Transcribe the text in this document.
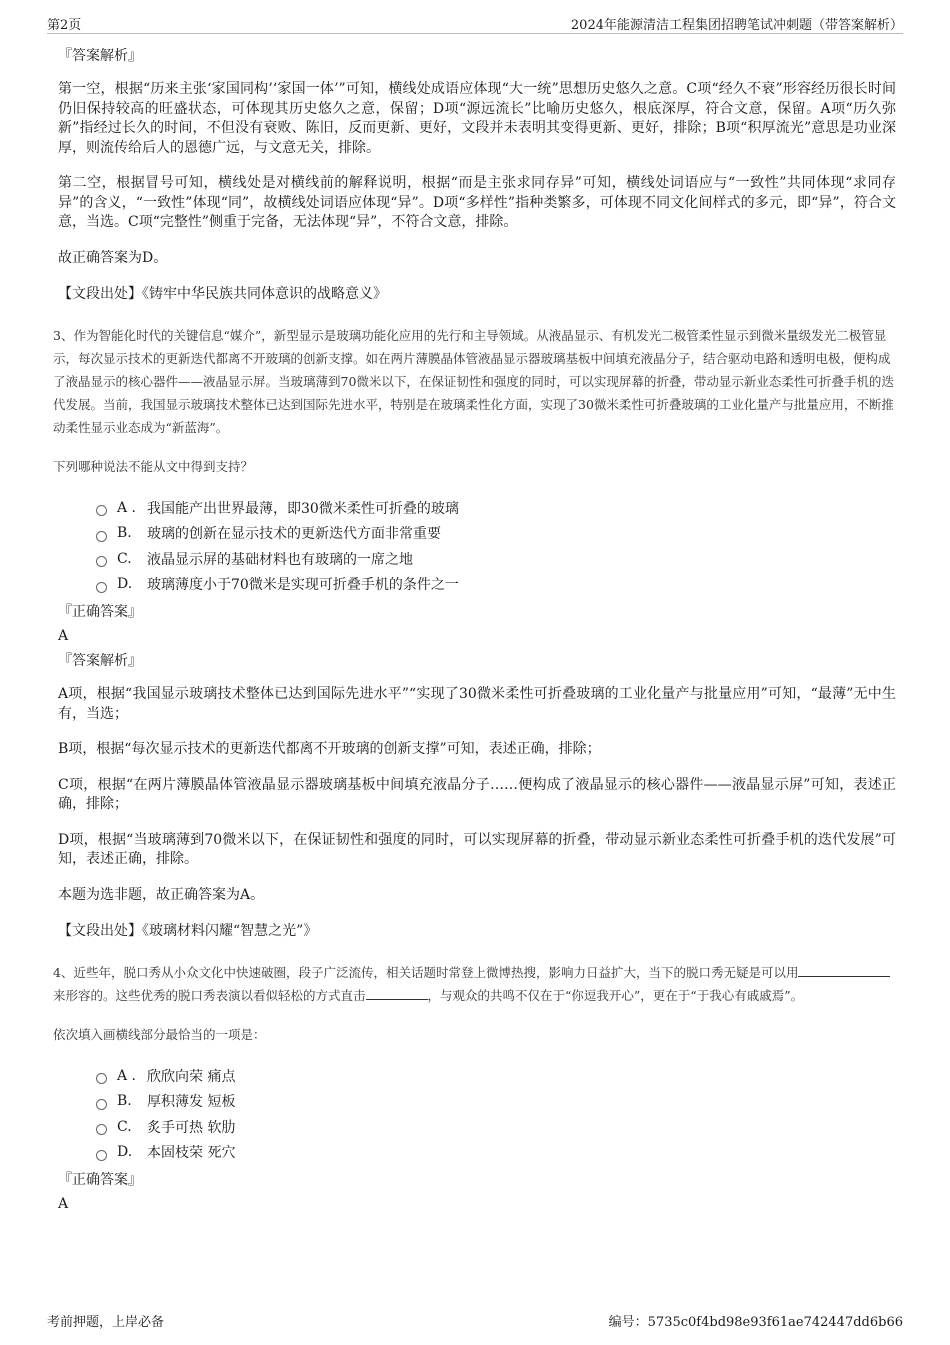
第2页	2024年能源清洁工程集团招聘笔试冲刺题（带答案解析）
『答案解析』

第一空，根据“历来主张‘家国同构’‘家国一体’”可知，横线处成语应体现“大一统”思想历史悠久之意。C项“经久不衰”形容经历很长时间仍旧保持较高的旺盛状态，可体现其历史悠久之意，保留；D项“源远流长”比喻历史悠久，根底深厚，符合文意，保留。A项“历久弥新”指经过长久的时间，不但没有衰败、陈旧，反而更新、更好，文段并未表明其变得更新、更好，排除；B项“积厚流光”意思是功业深厚，则流传给后人的恩德广远，与文意无关，排除。

第二空，根据冒号可知，横线处是对横线前的解释说明，根据“而是主张求同存异”可知，横线处词语应与“一致性”共同体现“求同存异”的含义，“一致性”体现“同”，故横线处词语应体现“异”。D项“多样性”指种类繁多，可体现不同文化间样式的多元，即“异”，符合文意，当选。C项“完整性”侧重于完备，无法体现“异”，不符合文意，排除。

故正确答案为D。

【文段出处】《铸牢中华民族共同体意识的战略意义》

3、作为智能化时代的关键信息“媒介”，新型显示是玻璃功能化应用的先行和主导领域。从液晶显示、有机发光二极管柔性显示到微米量级发光二极管显示，每次显示技术的更新迭代都离不开玻璃的创新支撑。如在两片薄膜晶体管液晶显示器玻璃基板中间填充液晶分子，结合驱动电路和透明电极，便构成了液晶显示的核心器件——液晶显示屏。当玻璃薄到70微米以下，在保证韧性和强度的同时，可以实现屏幕的折叠，带动显示新业态柔性可折叠手机的迭代发展。当前，我国显示玻璃技术整体已达到国际先进水平，特别是在玻璃柔性化方面，实现了30微米柔性可折叠玻璃的工业化量产与批量应用，不断推动柔性显示业态成为“新蓝海”。

下列哪种说法不能从文中得到支持？

A . 我国能产出世界最薄，即30微米柔性可折叠的玻璃
B.	玻璃的创新在显示技术的更新迭代方面非常重要
C.	液晶显示屏的基础材料也有玻璃的一席之地
D.	玻璃薄度小于70微米是实现可折叠手机的条件之一
『正确答案』
A
『答案解析』

A项，根据“我国显示玻璃技术整体已达到国际先进水平”“实现了30微米柔性可折叠玻璃的工业化量产与批量应用”可知，“最薄”无中生有，当选；

B项，根据“每次显示技术的更新迭代都离不开玻璃的创新支撑”可知，表述正确，排除；

C项，根据“在两片薄膜晶体管液晶显示器玻璃基板中间填充液晶分子……便构成了液晶显示的核心器件——液晶显示屏”可知，表述正确，排除；

D项，根据“当玻璃薄到70微米以下，在保证韧性和强度的同时，可以实现屏幕的折叠，带动显示新业态柔性可折叠手机的迭代发展”可知，表述正确，排除。

本题为选非题，故正确答案为A。

【文段出处】《玻璃材料闪耀“智慧之光”》

4、近些年，脱口秀从小众文化中快速破圈，段子广泛流传，相关话题时常登上微博热搜，影响力日益扩大，当下的脱口秀无疑是可以用来形容的。这些优秀的脱口秀表演以看似轻松的方式直击	，与观众的共鸣不仅在于“你逗我开心”，更在于“于我心有戚戚焉”。

依次填入画横线部分最恰当的一项是：

A . 欣欣向荣 痛点
B.	厚积薄发 短板
C.	炙手可热 软肋
D.	本固枝荣 死穴
『正确答案』
A
考前押题，上岸必备	编号：5735c0f4bd98e93f61ae742447dd6b66
